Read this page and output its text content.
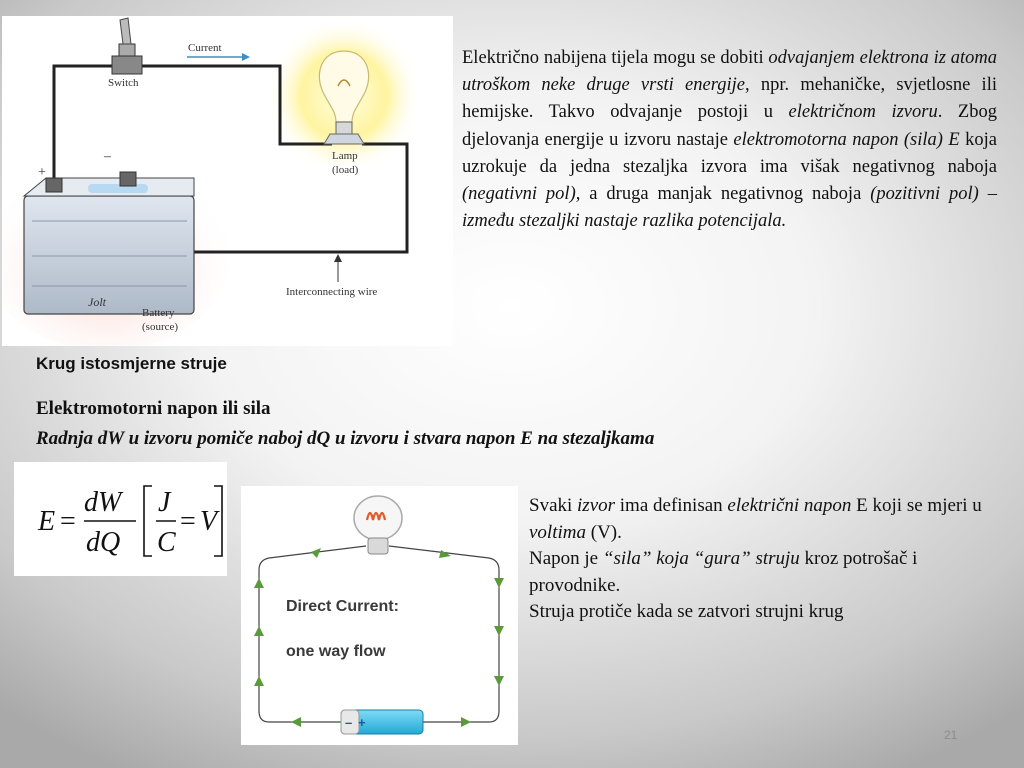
Current
Switch
Lamp
(load)
+
–
Jolt
Battery
(source)
Interconnecting wire
Električno nabijena tijela mogu se dobiti odvajanjem elektrona iz atoma utroškom neke druge vrsti energije, npr. mehaničke, svjetlosne ili hemijske. Takvo odvajanje postoji u električnom izvoru. Zbog djelovanja energije u izvoru nastaje elektromotorna napon (sila) E koja uzrokuje da jedna stezaljka izvora ima višak negativnog naboja (negativni pol), a druga manjak negativnog naboja (pozitivni pol) – između stezaljki nastaje razlika potencijala.
Krug istosmjerne struje
Elektromotorni napon ili sila
Radnja dW u izvoru pomiče naboj dQ u izvoru i stvara napon E na stezaljkama
E =
dW
dQ
J
C
= V
– +
Direct Current:
one way flow
Svaki izvor ima definisan električni napon E koji se mjeri u voltima (V).
Napon je “sila” koja “gura” struju kroz potrošač i provodnike.
Struja protiče kada se zatvori strujni krug
21
